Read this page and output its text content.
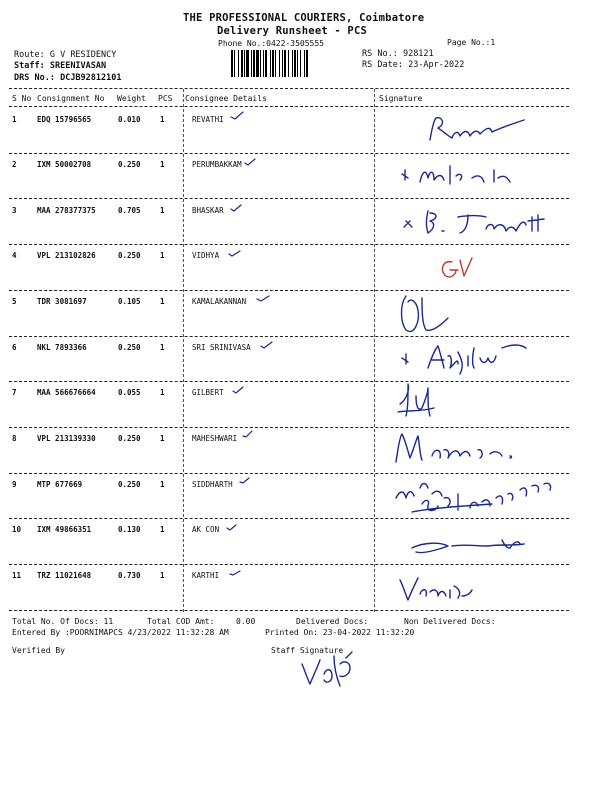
THE PROFESSIONAL COURIERS, Coimbatore
Delivery Runsheet - PCS
Phone No.:0422-3505555	Page No.:1
Route: G V RESIDENCY
Staff: SREENIVASAN
DRS No.: DCJB92812101
RS No.: 928121
RS Date: 23-Apr-2022
S No Consignment No Weight PCS Consignee Details	Signature
1	EDQ 15796565	0.010	1	REVATHI
2	IXM 50002708	0.250	1	PERUMBAKKAM
3	MAA 278377375	0.705	1	BHASKAR
4	VPL 213102826	0.250	1	VIDHYA
5	TDR 3081697	0.105	1	KAMALAKANNAN
6	NKL 7893366	0.250	1	SRI SRINIVASA
7	MAA 566676664	0.055	1	GILBERT
8	VPL 213139330	0.250	1	MAHESHWARI
9	MTP 677669	0.250	1	SIDDHARTH
10 IXM 49866351	0.130	1	AK CON
11 TRZ 11021648	0.730	1	KARTHI
Total No. Of Docs: 11	Total COD Amt:	0.00	Delivered Docs:	Non Delivered Docs:
Entered By :POORNIMAPCS 4/23/2022 11:32:28 AM	Printed On: 23-04-2022 11:32:20
Verified By	Staff Signature
